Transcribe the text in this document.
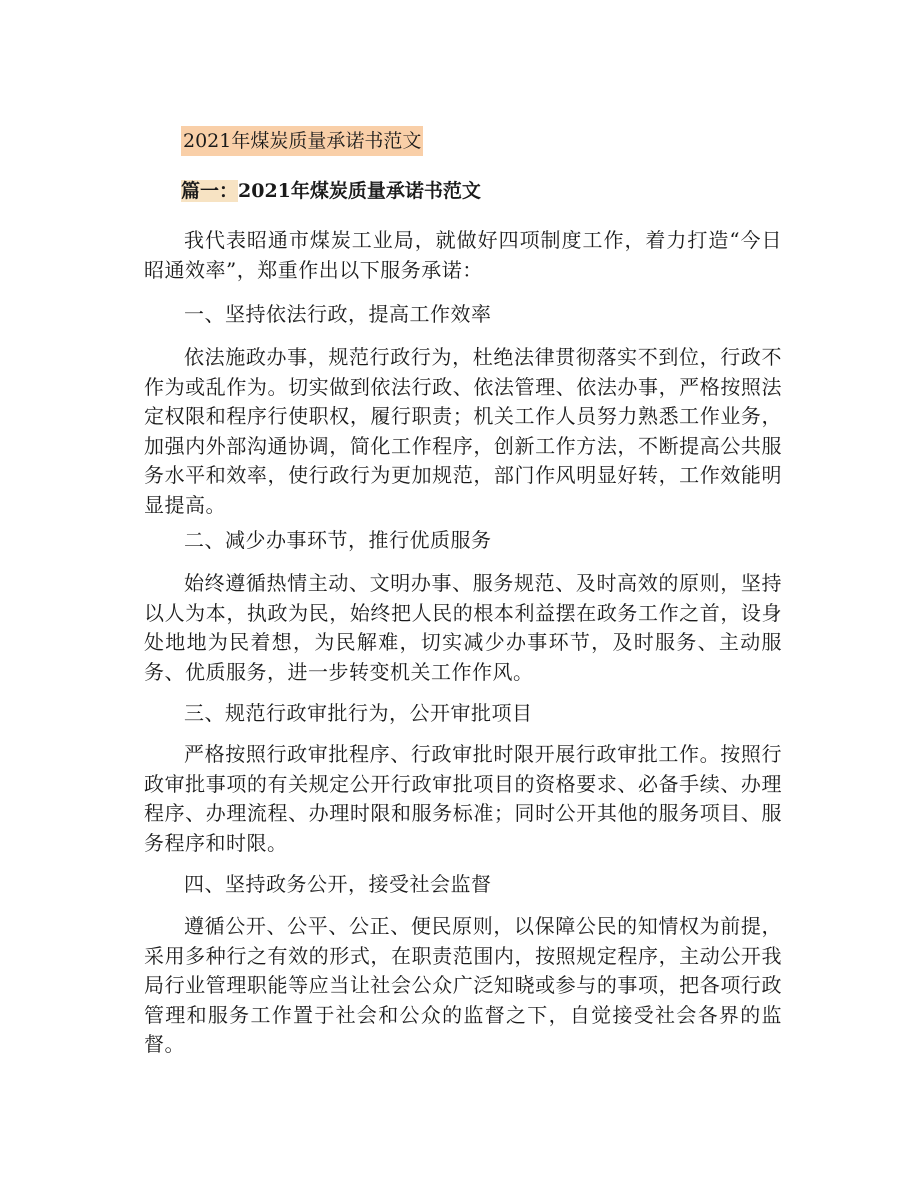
2021年煤炭质量承诺书范文
篇一：2021年煤炭质量承诺书范文

我代表昭通市煤炭工业局，就做好四项制度工作，着力打造“今日昭通效率”，郑重作出以下服务承诺：

一、坚持依法行政，提高工作效率

依法施政办事，规范行政行为，杜绝法律贯彻落实不到位，行政不作为或乱作为。切实做到依法行政、依法管理、依法办事，严格按照法定权限和程序行使职权，履行职责；机关工作人员努力熟悉工作业务，加强内外部沟通协调，简化工作程序，创新工作方法，不断提高公共服务水平和效率，使行政行为更加规范，部门作风明显好转，工作效能明显提高。

二、减少办事环节，推行优质服务

始终遵循热情主动、文明办事、服务规范、及时高效的原则，坚持以人为本，执政为民，始终把人民的根本利益摆在政务工作之首，设身处地地为民着想，为民解难，切实减少办事环节，及时服务、主动服务、优质服务，进一步转变机关工作作风。

三、规范行政审批行为，公开审批项目

严格按照行政审批程序、行政审批时限开展行政审批工作。按照行政审批事项的有关规定公开行政审批项目的资格要求、必备手续、办理程序、办理流程、办理时限和服务标准；同时公开其他的服务项目、服务程序和时限。

四、坚持政务公开，接受社会监督

遵循公开、公平、公正、便民原则，以保障公民的知情权为前提，采用多种行之有效的形式，在职责范围内，按照规定程序，主动公开我局行业管理职能等应当让社会公众广泛知晓或参与的事项，把各项行政管理和服务工作置于社会和公众的监督之下，自觉接受社会各界的监督。
